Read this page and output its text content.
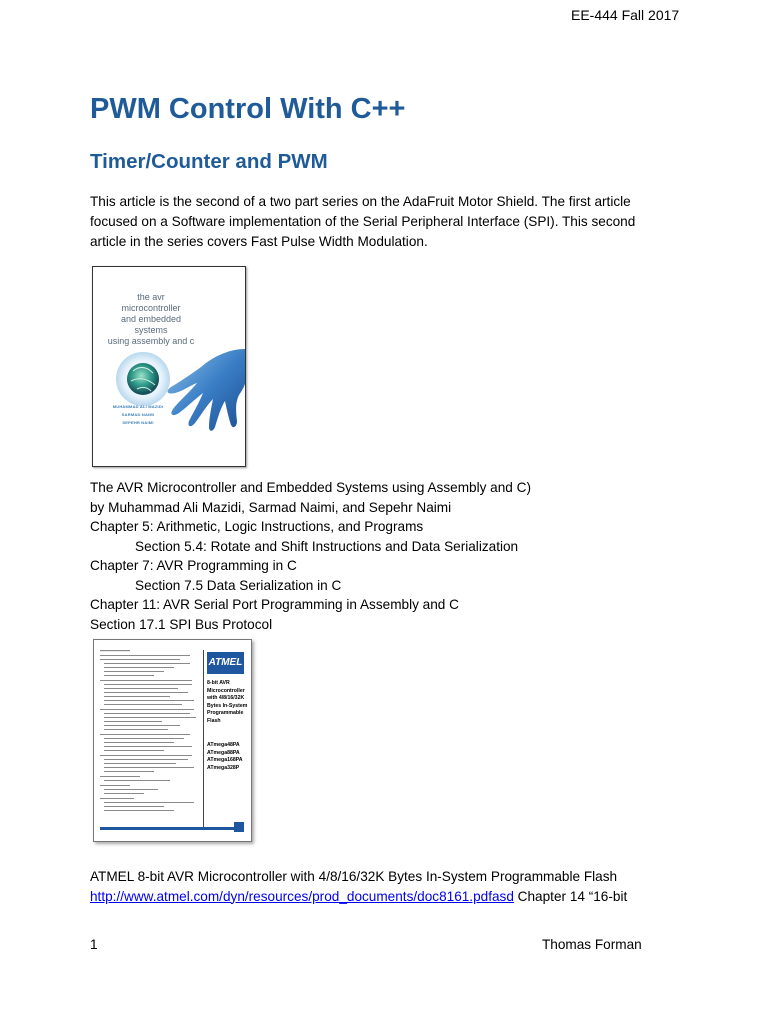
EE-444 Fall 2017
PWM Control With C++
Timer/Counter and PWM

This article is the second of a two part series on the AdaFruit Motor Shield. The first article focused on a Software implementation of the Serial Peripheral Interface (SPI). This second article in the series covers Fast Pulse Width Modulation.

the avr
microcontroller
and embedded
systems
using assembly and c
MUHAMMAD ALI MAZIDI
SARMAD NAIMI
SEPEHR NAIMI
The AVR Microcontroller and Embedded Systems using Assembly and C)
by Muhammad Ali Mazidi, Sarmad Naimi, and Sepehr Naimi
Chapter 5: Arithmetic, Logic Instructions, and Programs
Section 5.4: Rotate and Shift Instructions and Data Serialization
Chapter 7: AVR Programming in C
Section 7.5 Data Serialization in C
Chapter 11: AVR Serial Port Programming in Assembly and C
Section 17.1 SPI Bus Protocol
ATMEL
8-bit AVR
Microcontroller
with 4/8/16/32K
Bytes In-System
Programmable
Flash
ATmega48PA
ATmega88PA
ATmega168PA
ATmega328P
ATMEL 8-bit AVR Microcontroller with 4/8/16/32K Bytes In-System Programmable Flash
http://www.atmel.com/dyn/resources/prod_documents/doc8161.pdfasd Chapter 14 “16-bit
1	Thomas Forman
